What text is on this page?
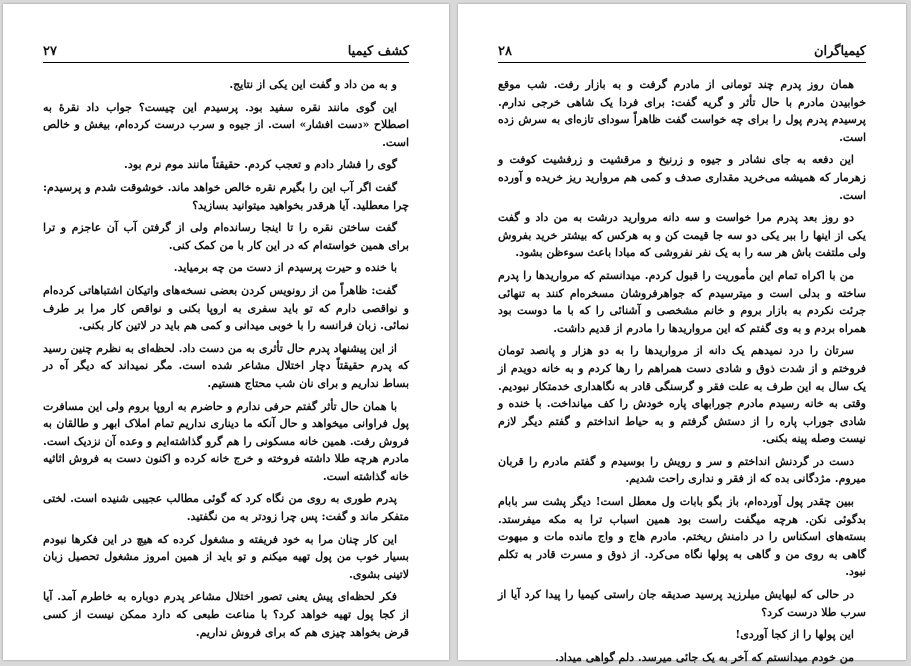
کشف کیمیا
۲۷

و به من داد و گفت این یکی از نتایج.

این گوی مانند نقره سفید بود. پرسیدم این چیست؟ جواب داد نقره‌ٔ به اصطلاح «دست افشار» است. از جیوه و سرب درست کرده‌ام، بیغش و خالص است.

گوی را فشار دادم و تعجب کردم. حقیقتاً مانند موم نرم بود.

گفت اگر آب این را بگیرم نقره خالص خواهد ماند. خوشوقت شدم و پرسیدم: چرا معطلید. آیا هرقدر بخواهید میتوانید بسازید؟

گفت ساختن نقره را تا اینجا رسانده‌ام ولی از گرفتن آب آن عاجزم و ترا برای همین خواسته‌ام که در این کار با من کمک کنی.

با خنده و حیرت پرسیدم از دست من چه برمیاید.

گفت: ظاهراً من از رونویس کردن بعضی نسخه‌های واتیکان اشتباهاتی کرده‌ام و نواقصی دارم که تو باید سفری به اروپا بکنی و نواقص کار مرا بر طرف نمائی. زبان فرانسه را با خوبی میدانی و کمی هم باید در لاتین کار بکنی.

از این پیشنهاد پدرم حال تأثری به من دست داد. لحظه‌ای به نظرم چنین رسید که پدرم حقیقتاً دچار اختلال مشاعر شده است. مگر نمیداند که دیگر آه در بساط نداریم و برای نان شب محتاج هستیم.

با همان حال تأثر گفتم حرفی ندارم و حاضرم به اروپا بروم ولی این مسافرت پول فراوانی میخواهد و حال آنکه ما دیناری نداریم تمام املاک ابهر و طالقان به فروش رفت. همین خانه مسکونی را هم گرو گذاشته‌ایم و وعده آن نزدیک است. مادرم هرچه طلا داشته فروخته و خرج خانه کرده و اکنون دست به فروش اثاثیه خانه گذاشته است.

پدرم طوری به روی من نگاه کرد که گوئی مطالب عجیبی شنیده است. لختی متفکر ماند و گفت: پس چرا زودتر به من نگفتید.

این کار چنان مرا به خود فریفته و مشغول کرده که هیچ در این فکرها نبودم بسیار خوب من پول تهیه میکنم و تو باید از همین امروز مشغول تحصیل زبان لاتینی بشوی.

فکر لحظه‌ای پیش یعنی تصور اختلال مشاعر پدرم دوباره به خاطرم آمد. آیا از کجا پول تهیه خواهد کرد؟ با مناعت طبعی که دارد ممکن نیست از کسی قرض بخواهد چیزی هم که برای فروش نداریم.

کیمیاگران
۲۸

همان روز پدرم چند تومانی از مادرم گرفت و به بازار رفت. شب موقع خوابیدن مادرم با حال تأثر و گریه گفت: برای فردا یک شاهی خرجی ندارم. پرسیدم پدرم پول را برای چه خواست گفت ظاهراً سودای تازه‌ای به سرش زده است.

این دفعه به جای نشادر و جیوه و زرنیخ و مرقشیت و زرفشیت کوفت و زهرمار که همیشه می‌خرید مقداری صدف و کمی هم مروارید ریز خریده و آورده است.

دو روز بعد پدرم مرا خواست و سه دانه مروارید درشت به من داد و گفت یکی از اینها را ببر یکی دو سه جا قیمت کن و به هرکس که بیشتر خرید بفروش ولی ملتفت باش هر سه را به یک نفر نفروشی که مبادا باعث سوءظن بشود.

من با اکراه تمام این مأموریت را قبول کردم. میدانستم که مرواریدها را پدرم ساخته و بدلی است و میترسیدم که جواهرفروشان مسخره‌ام کنند به تنهائی جرئت نکردم به بازار بروم و خانم مشخصی و آشنائی را که با ما دوست بود همراه بردم و به وی گفتم که این مرواریدها را مادرم از قدیم داشت.

سرتان را درد نمیدهم یک دانه از مرواریدها را به دو هزار و پانصد تومان فروختم و از شدت ذوق و شادی دست همراهم را رها کردم و به خانه دویدم از یک سال به این طرف به علت فقر و گرسنگی قادر به نگاهداری خدمتکار نبودیم. وقتی به خانه رسیدم مادرم جورابهای پاره خودش را کف میانداخت. با خنده و شادی جوراب پاره را از دستش گرفتم و به حیاط انداختم و گفتم دیگر لازم نیست وصله پینه بکنی.

دست در گردنش انداختم و سر و رویش را بوسیدم و گفتم مادرم را قربان میروم. مژدگانی بده که از فقر و نداری راحت شدیم.

ببین چقدر پول آورده‌ام، باز بگو بابات ول معطل است! دیگر پشت سر بابام بدگوئی نکن. هرچه میگفت راست بود همین اسباب ترا به مکه میفرستد. بسته‌های اسکناس را در دامنش ریختم. مادرم هاج و واج مانده مات و مبهوت گاهی به روی من و گاهی به پولها نگاه می‌کرد. از ذوق و مسرت قادر به تکلم نبود.

در حالی که لبهایش میلرزید پرسید صدیقه جان راستی کیمیا را پیدا کرد آیا از سرب طلا درست کرد؟

این پولها را از کجا آوردی!

من خودم میدانستم که آخر به یک جائی میرسد. دلم گواهی میداد.
